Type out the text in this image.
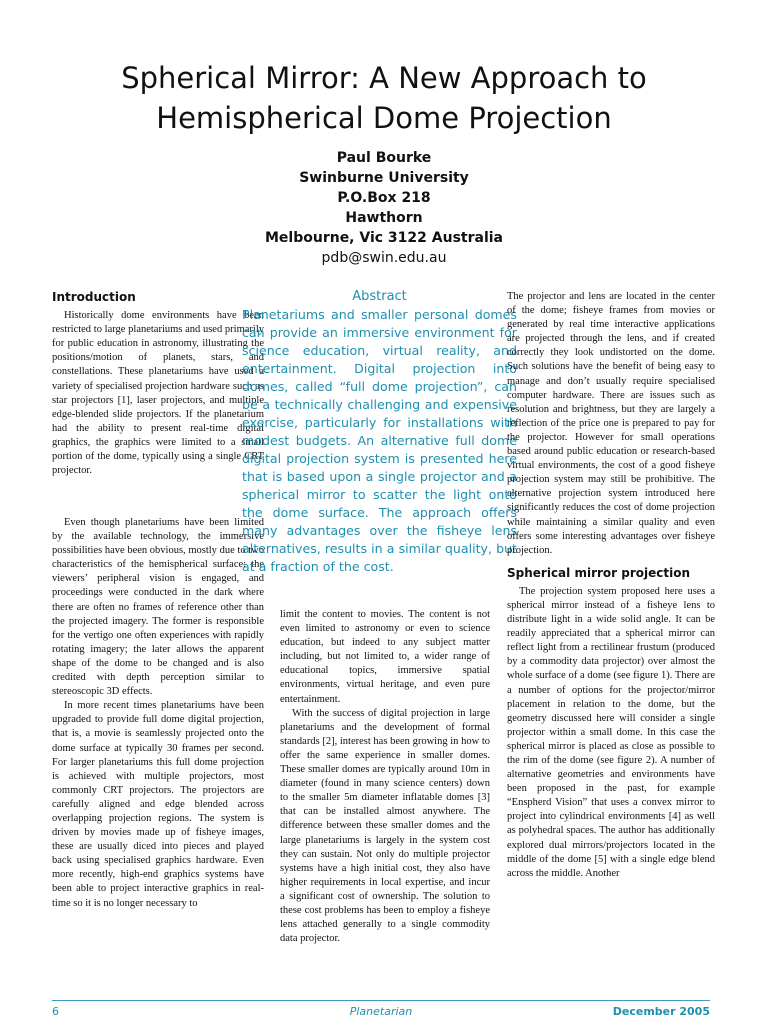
Spherical Mirror: A New Approach to
Hemispherical Dome Projection
Paul Bourke
Swinburne University
P.O.Box 218
Hawthorn
Melbourne, Vic 3122 Australia
pdb@swin.edu.au
Introduction

Historically dome environments have been restricted to large planetariums and used primarily for public education in astronomy, illustrating the positions/motion of planets, stars, and constellations. These planetariums have used a variety of specialised projection hardware such as star projectors [1], laser projectors, and multiple edge-blended slide projectors. If the planetarium had the ability to present real-time digital graphics, the graphics were limited to a small portion of the dome, typically using a single CRT projector.

Even though planetariums have been limited by the available technology, the immersive possibilities have been obvious, mostly due to two characteristics of the hemispherical surface: the viewers’ peripheral vision is engaged, and proceedings were conducted in the dark where there are often no frames of reference other than the projected imagery. The former is responsible for the vertigo one often experiences with rapidly rotating imagery; the later allows the apparent shape of the dome to be changed and is also credited with depth perception similar to stereoscopic 3D effects.

In more recent times planetariums have been upgraded to provide full dome digital projection, that is, a movie is seamlessly projected onto the dome surface at typically 30 frames per second. For larger planetariums this full dome projection is achieved with multiple projectors, most commonly CRT projectors. The projectors are carefully aligned and edge blended across overlapping projection regions. The system is driven by movies made up of fisheye images, these are usually diced into pieces and played back using specialised graphics hardware. Even more recently, high-end graphics systems have been able to project interactive graphics in real-time so it is no longer necessary to

Abstract
Planetariums and smaller personal domes can provide an immersive environment for science education, virtual reality, and entertainment. Digital projection into domes, called “full dome projection”, can be a technically challenging and expensive exercise, particularly for installations with modest budgets. An alternative full dome digital projection system is presented here that is based upon a single projector and a spherical mirror to scatter the light onto the dome surface. The approach offers many advantages over the fisheye lens alternatives, results in a similar quality, but at a fraction of the cost.

limit the content to movies. The content is not even limited to astronomy or even to science education, but indeed to any subject matter including, but not limited to, a wider range of educational topics, immersive spatial environments, virtual heritage, and even pure entertainment.

With the success of digital projection in large planetariums and the development of formal standards [2], interest has been growing in how to offer the same experience in smaller domes. These smaller domes are typically around 10m in diameter (found in many science centers) down to the smaller 5m diameter inflatable domes [3] that can be installed almost anywhere. The difference between these smaller domes and the large planetariums is largely in the system cost they can sustain. Not only do multiple projector systems have a high initial cost, they also have higher requirements in local expertise, and incur a significant cost of ownership. The solution to these cost problems has been to employ a fisheye lens attached generally to a single commodity data projector.

The projector and lens are located in the center of the dome; fisheye frames from movies or generated by real time interactive applications are projected through the lens, and if created correctly they look undistorted on the dome. Such solutions have the benefit of being easy to manage and don’t usually require specialised computer hardware. There are issues such as resolution and brightness, but they are largely a reflection of the price one is prepared to pay for the projector. However for small operations based around public education or research-based virtual environments, the cost of a good fisheye projection system may still be prohibitive. The alternative projection system introduced here significantly reduces the cost of dome projection while maintaining a similar quality and even offers some interesting advantages over fisheye projection.

Spherical mirror projection

The projection system proposed here uses a spherical mirror instead of a fisheye lens to distribute light in a wide solid angle. It can be readily appreciated that a spherical mirror can reflect light from a rectilinear frustum (produced by a commodity data projector) over almost the whole surface of a dome (see figure 1). There are a number of options for the projector/mirror placement in relation to the dome, but the geometry discussed here will consider a single projector within a small dome. In this case the spherical mirror is placed as close as possible to the rim of the dome (see figure 2). A number of alternative geometries and environments have been proposed in the past, for example “Enspherd Vision” that uses a convex mirror to project into cylindrical environments [4] as well as polyhedral spaces. The author has additionally explored dual mirrors/projectors located in the middle of the dome [5] with a single edge blend across the middle. Another

6	Planetarian	December 2005
